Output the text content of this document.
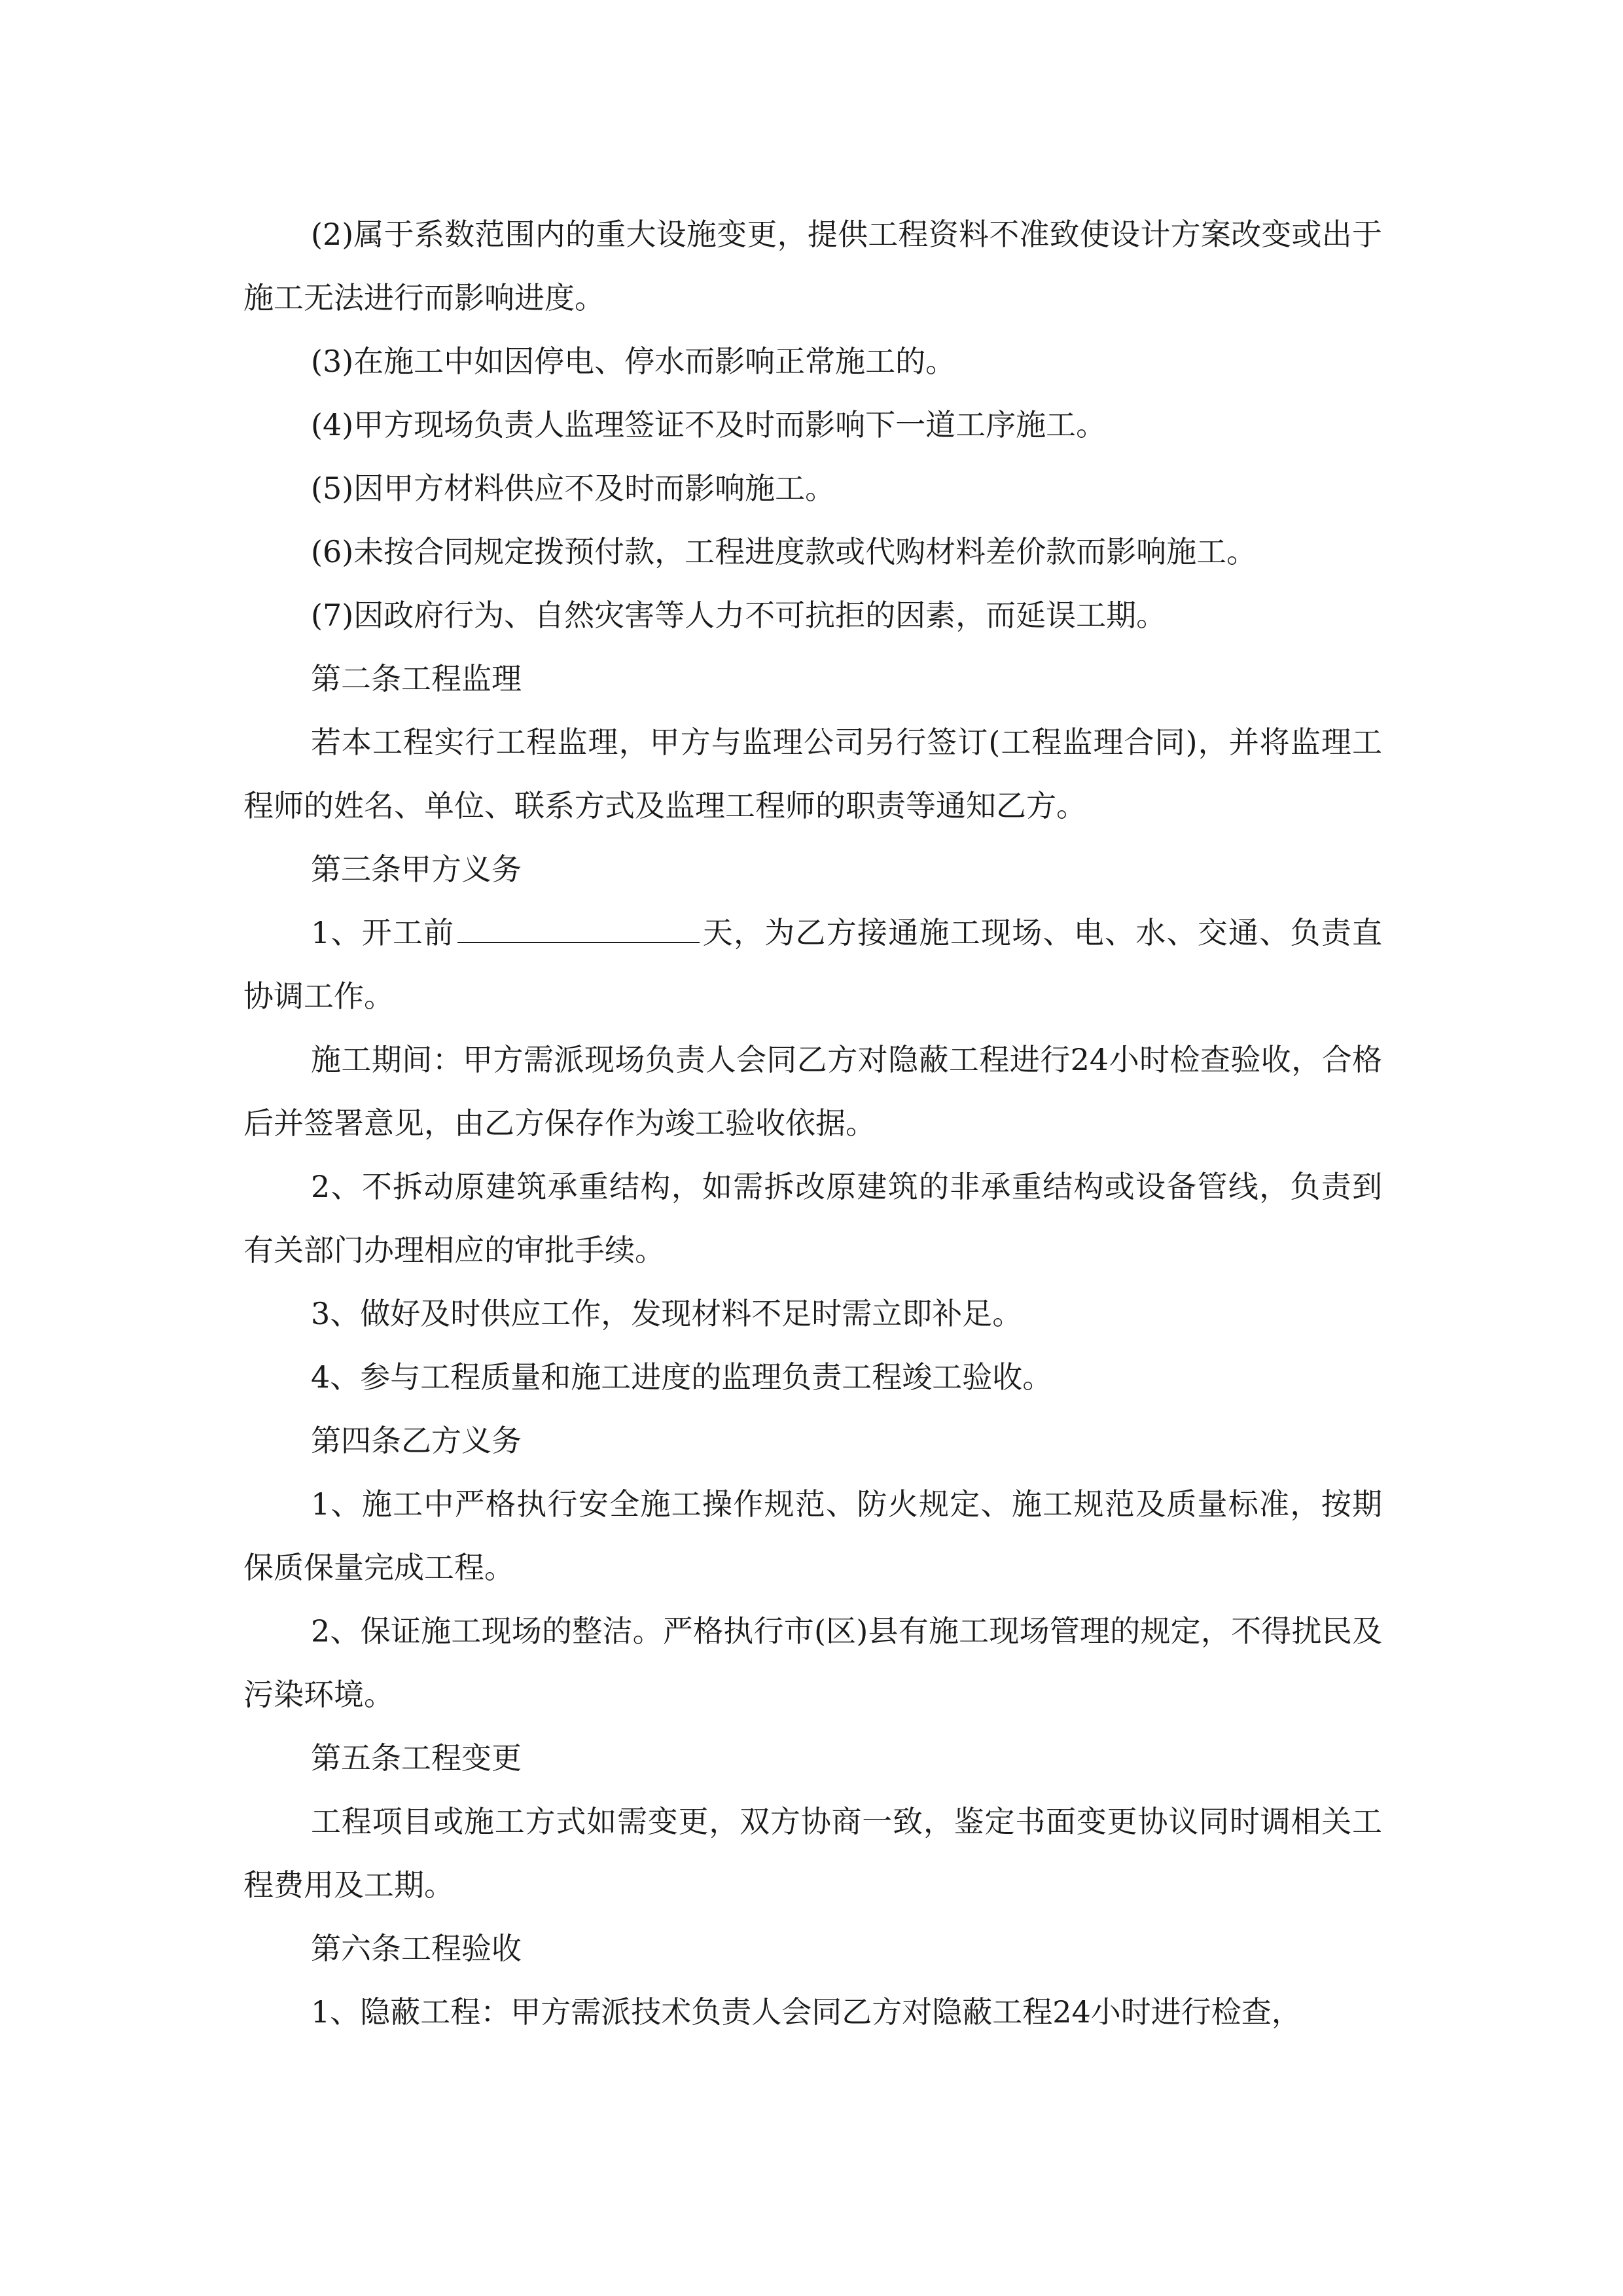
(2)属于系数范围内的重大设施变更，提供工程资料不准致使设计方案改变或出于施工无法进行而影响进度。

(3)在施工中如因停电、停水而影响正常施工的。

(4)甲方现场负责人监理签证不及时而影响下一道工序施工。

(5)因甲方材料供应不及时而影响施工。

(6)未按合同规定拨预付款，工程进度款或代购材料差价款而影响施工。

(7)因政府行为、自然灾害等人力不可抗拒的因素，而延误工期。

第二条工程监理

若本工程实行工程监理，甲方与监理公司另行签订(工程监理合同)，并将监理工程师的姓名、单位、联系方式及监理工程师的职责等通知乙方。

第三条甲方义务

1、开工前	天，为乙方接通施工现场、电、水、交通、负责直协调工作。

施工期间：甲方需派现场负责人会同乙方对隐蔽工程进行24小时检查验收，合格后并签署意见，由乙方保存作为竣工验收依据。

2、不拆动原建筑承重结构，如需拆改原建筑的非承重结构或设备管线，负责到有关部门办理相应的审批手续。

3、做好及时供应工作，发现材料不足时需立即补足。

4、参与工程质量和施工进度的监理负责工程竣工验收。

第四条乙方义务

1、施工中严格执行安全施工操作规范、防火规定、施工规范及质量标准，按期保质保量完成工程。

2、保证施工现场的整洁。严格执行市(区)县有施工现场管理的规定，不得扰民及污染环境。

第五条工程变更

工程项目或施工方式如需变更，双方协商一致，鉴定书面变更协议同时调相关工程费用及工期。

第六条工程验收

1、隐蔽工程：甲方需派技术负责人会同乙方对隐蔽工程24小时进行检查，
